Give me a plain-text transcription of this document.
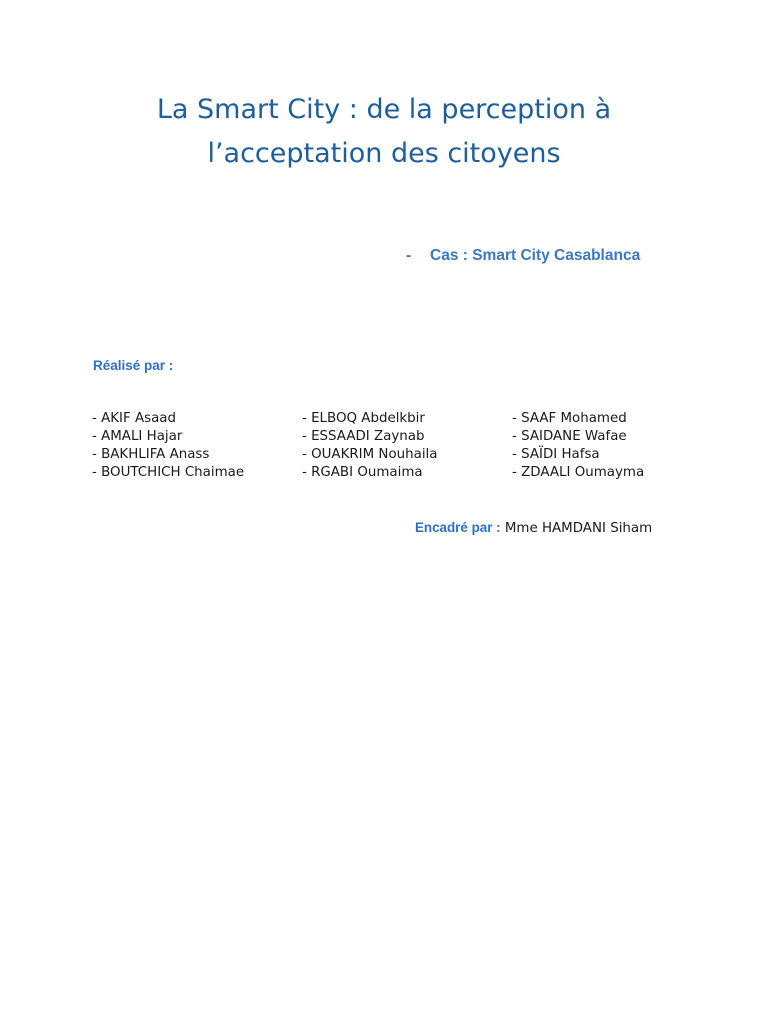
La Smart City : de la perception à
l’acceptation des citoyens
- Cas : Smart City Casablanca
Réalisé par :
- AKIF Asaad
- AMALI Hajar
- BAKHLIFA Anass
- BOUTCHICH Chaimae
- ELBOQ Abdelkbir
- ESSAADI Zaynab
- OUAKRIM Nouhaila
- RGABI Oumaima
- SAAF Mohamed
- SAIDANE Wafae
- SAÏDI Hafsa
- ZDAALI Oumayma
Encadré par : Mme HAMDANI Siham
